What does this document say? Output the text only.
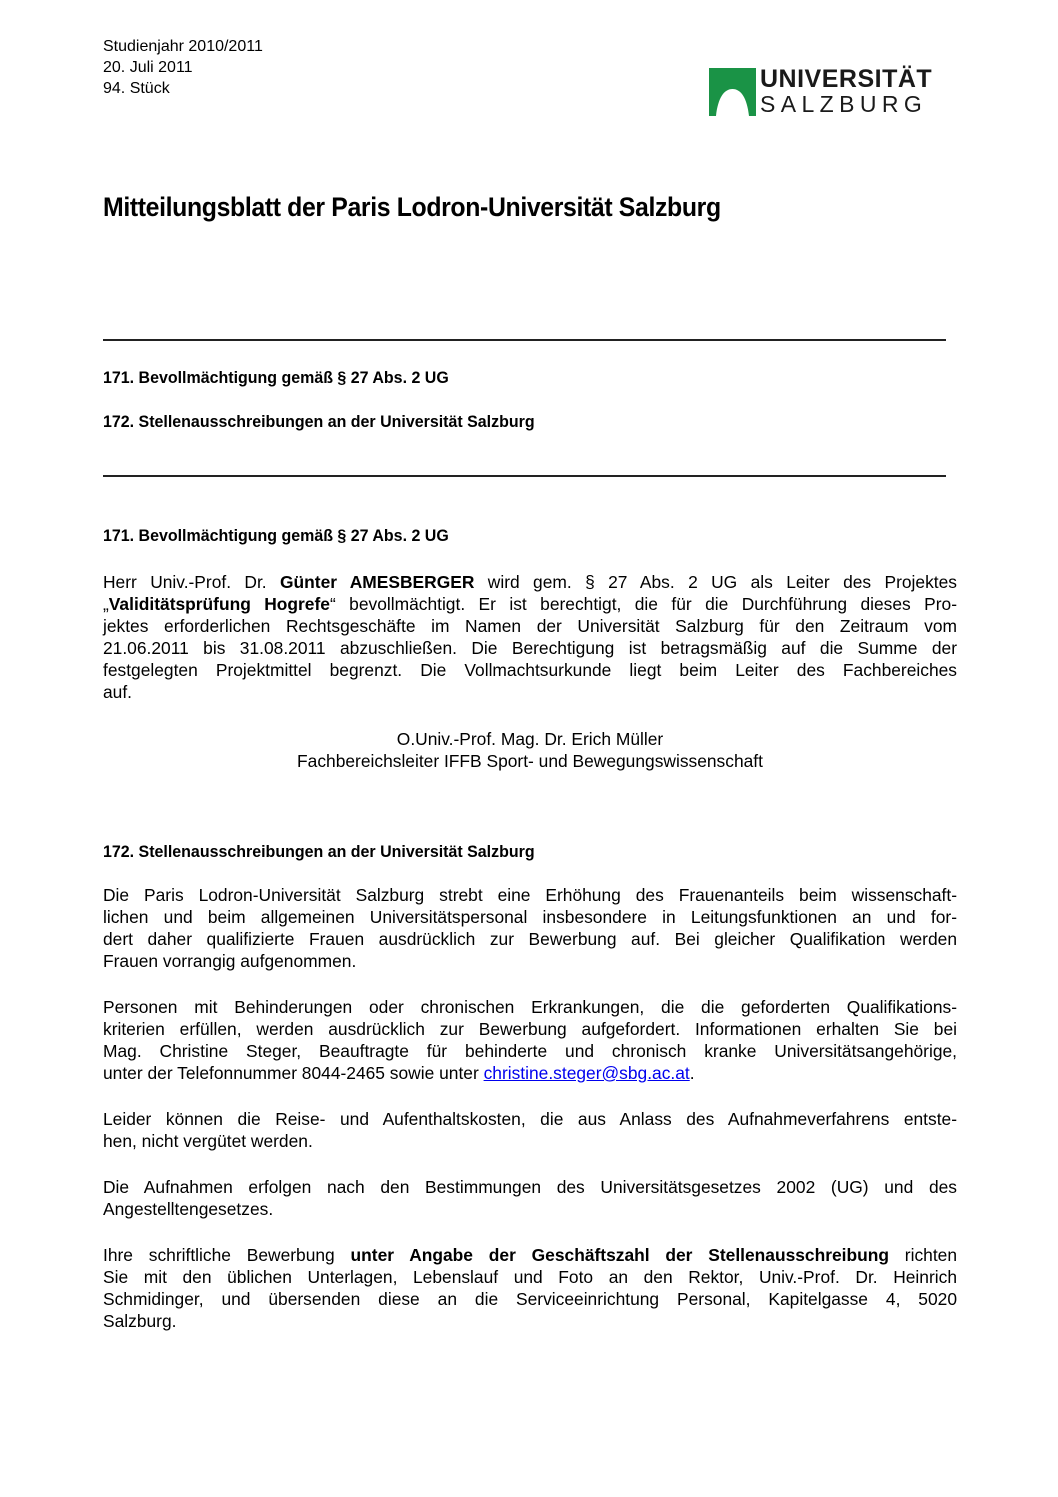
Studienjahr 2010/2011
20. Juli 2011
94. Stück	UNIVERSITÄT
SALZBURG
Mitteilungsblatt der Paris Lodron-Universität Salzburg
171. Bevollmächtigung gemäß § 27 Abs. 2 UG
172. Stellenausschreibungen an der Universität Salzburg
171. Bevollmächtigung gemäß § 27 Abs. 2 UG
Herr Univ.-Prof. Dr. Günter AMESBERGER wird gem. § 27 Abs. 2 UG als Leiter des Projektes
„Validitätsprüfung Hogrefe“ bevollmächtigt. Er ist berechtigt, die für die Durchführung dieses Pro-
jektes erforderlichen Rechtsgeschäfte im Namen der Universität Salzburg für den Zeitraum vom
21.06.2011 bis 31.08.2011 abzuschließen. Die Berechtigung ist betragsmäßig auf die Summe der
festgelegten Projektmittel begrenzt. Die Vollmachtsurkunde liegt beim Leiter des Fachbereiches
auf.
O.Univ.-Prof. Mag. Dr. Erich Müller
Fachbereichsleiter IFFB Sport- und Bewegungswissenschaft
172. Stellenausschreibungen an der Universität Salzburg
Die Paris Lodron-Universität Salzburg strebt eine Erhöhung des Frauenanteils beim wissenschaft-
lichen und beim allgemeinen Universitätspersonal insbesondere in Leitungsfunktionen an und for-
dert daher qualifizierte Frauen ausdrücklich zur Bewerbung auf. Bei gleicher Qualifikation werden
Frauen vorrangig aufgenommen.
Personen mit Behinderungen oder chronischen Erkrankungen, die die geforderten Qualifikations-
kriterien erfüllen, werden ausdrücklich zur Bewerbung aufgefordert. Informationen erhalten Sie bei
Mag. Christine Steger, Beauftragte für behinderte und chronisch kranke Universitätsangehörige,
unter der Telefonnummer 8044-2465 sowie unter christine.steger@sbg.ac.at.
Leider können die Reise- und Aufenthaltskosten, die aus Anlass des Aufnahmeverfahrens entste-
hen, nicht vergütet werden.
Die Aufnahmen erfolgen nach den Bestimmungen des Universitätsgesetzes 2002 (UG) und des
Angestelltengesetzes.
Ihre schriftliche Bewerbung unter Angabe der Geschäftszahl der Stellenausschreibung richten
Sie mit den üblichen Unterlagen, Lebenslauf und Foto an den Rektor, Univ.-Prof. Dr. Heinrich
Schmidinger, und übersenden diese an die Serviceeinrichtung Personal, Kapitelgasse 4, 5020
Salzburg.
